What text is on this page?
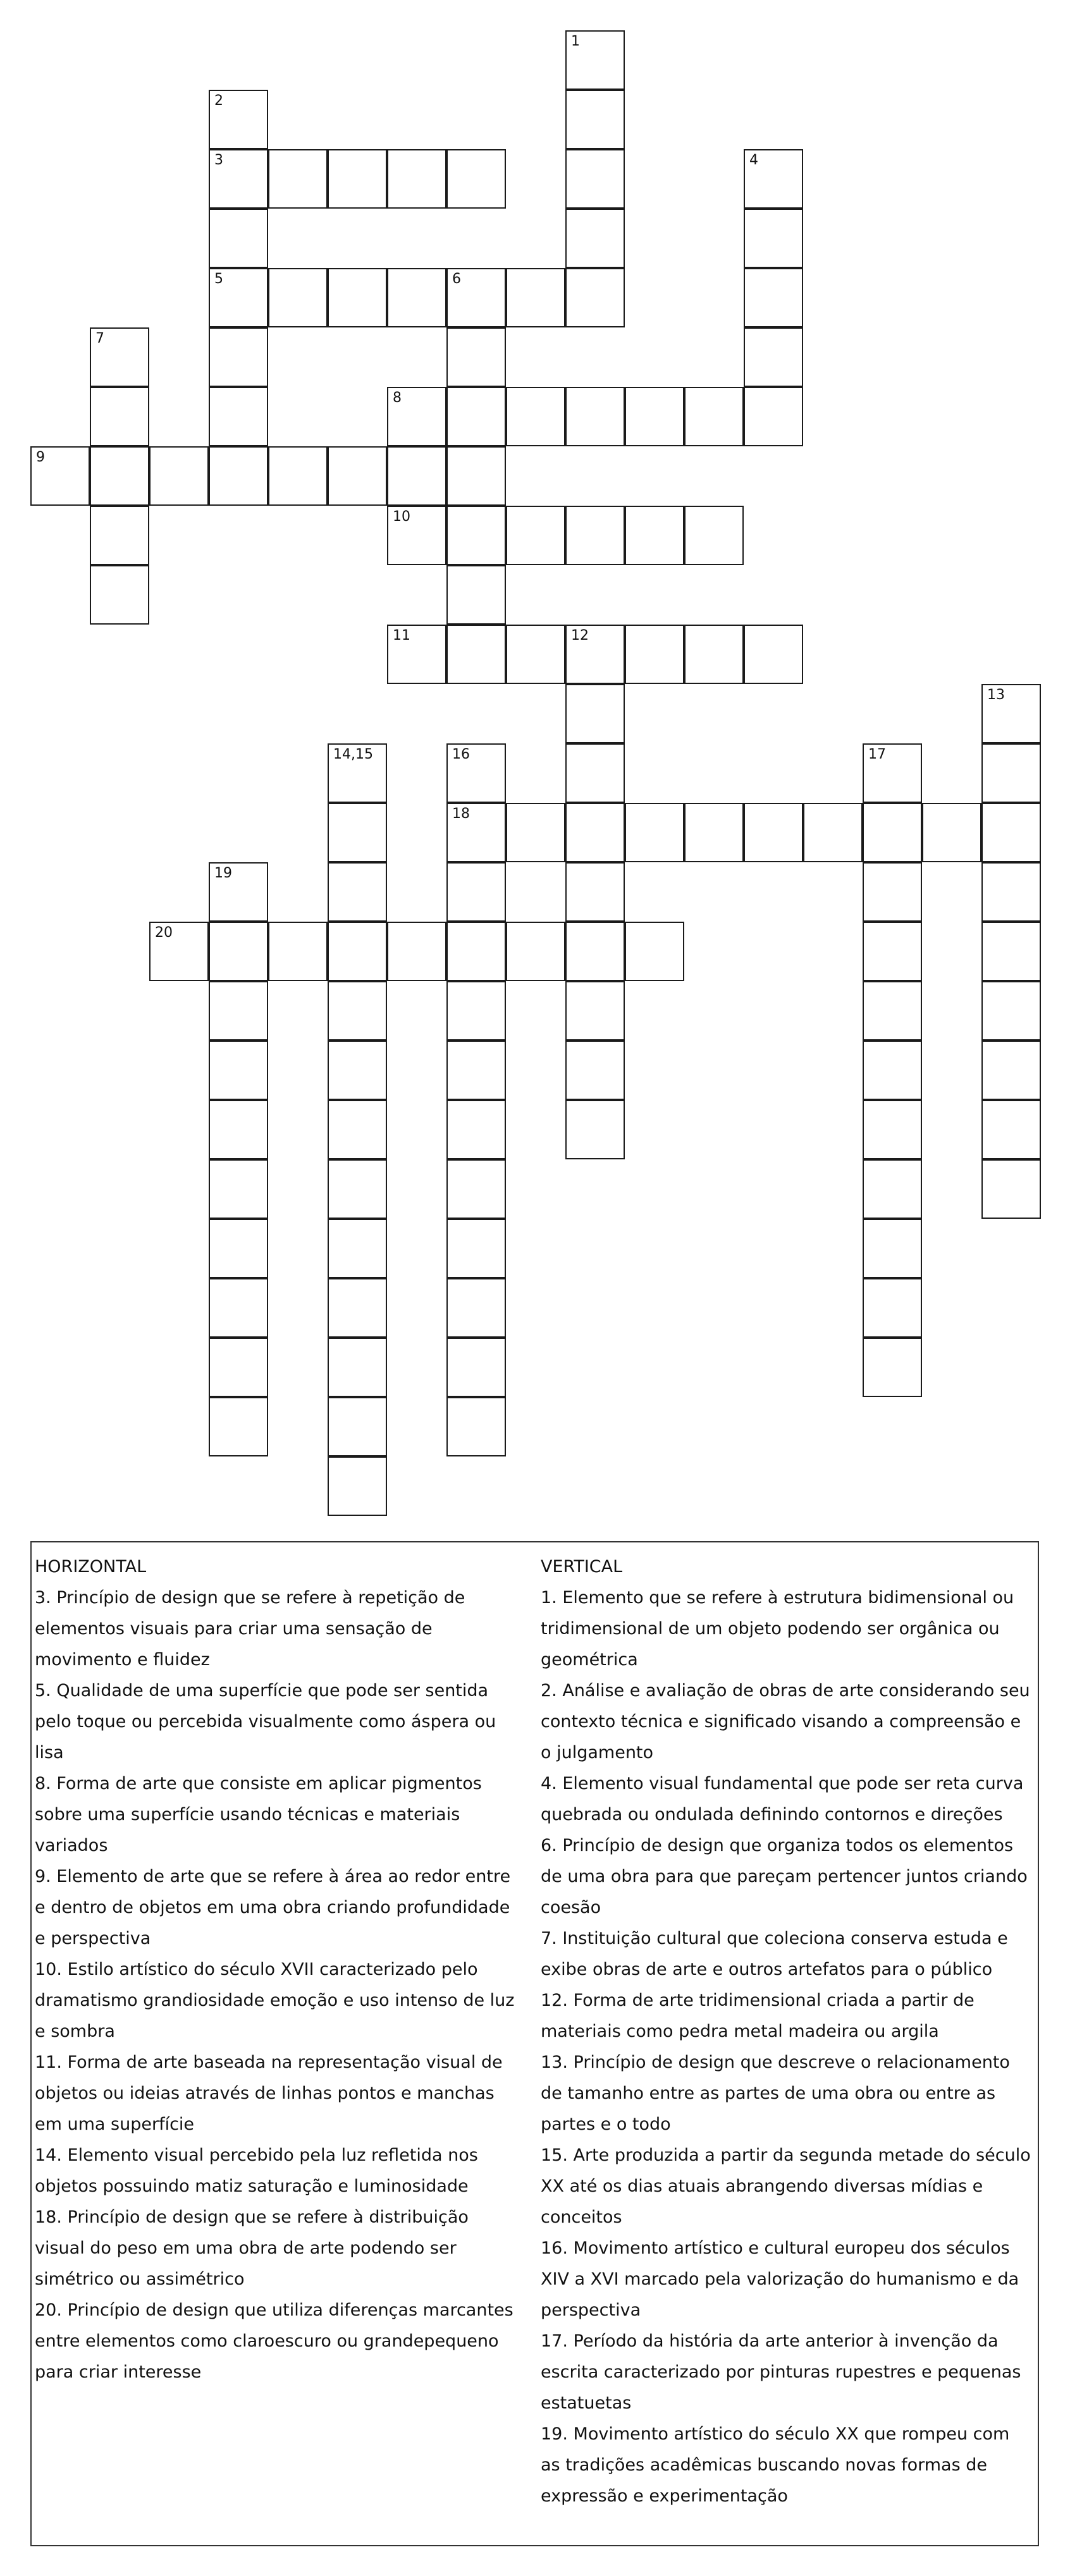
3
5	6
8
9
10
11	12
18
20
1
2
4
7
13
14,15	16	17
19

HORIZONTAL

3. Princípio de design que se refere à repetição de elementos visuais para criar uma sensação de movimento e fluidez

5. Qualidade de uma superfície que pode ser sentida pelo toque ou percebida visualmente como áspera ou lisa

8. Forma de arte que consiste em aplicar pigmentos sobre uma superfície usando técnicas e materiais variados

9. Elemento de arte que se refere à área ao redor entre e dentro de objetos em uma obra criando profundidade e perspectiva

10. Estilo artístico do século XVII caracterizado pelo dramatismo grandiosidade emoção e uso intenso de luz e sombra

11. Forma de arte baseada na representação visual de objetos ou ideias através de linhas pontos e manchas em uma superfície

14. Elemento visual percebido pela luz refletida nos objetos possuindo matiz saturação e luminosidade

18. Princípio de design que se refere à distribuição visual do peso em uma obra de arte podendo ser simétrico ou assimétrico

20. Princípio de design que utiliza diferenças marcantes entre elementos como claroescuro ou grandepequeno para criar interesse

VERTICAL

1. Elemento que se refere à estrutura bidimensional ou tridimensional de um objeto podendo ser orgânica ou geométrica

2. Análise e avaliação de obras de arte considerando seu contexto técnica e significado visando a compreensão e o julgamento

4. Elemento visual fundamental que pode ser reta curva quebrada ou ondulada definindo contornos e direções

6. Princípio de design que organiza todos os elementos de uma obra para que pareçam pertencer juntos criando coesão

7. Instituição cultural que coleciona conserva estuda e exibe obras de arte e outros artefatos para o público

12. Forma de arte tridimensional criada a partir de materiais como pedra metal madeira ou argila

13. Princípio de design que descreve o relacionamento de tamanho entre as partes de uma obra ou entre as partes e o todo

15. Arte produzida a partir da segunda metade do século XX até os dias atuais abrangendo diversas mídias e conceitos

16. Movimento artístico e cultural europeu dos séculos XIV a XVI marcado pela valorização do humanismo e da perspectiva

17. Período da história da arte anterior à invenção da escrita caracterizado por pinturas rupestres e pequenas estatuetas

19. Movimento artístico do século XX que rompeu com as tradições acadêmicas buscando novas formas de expressão e experimentação
